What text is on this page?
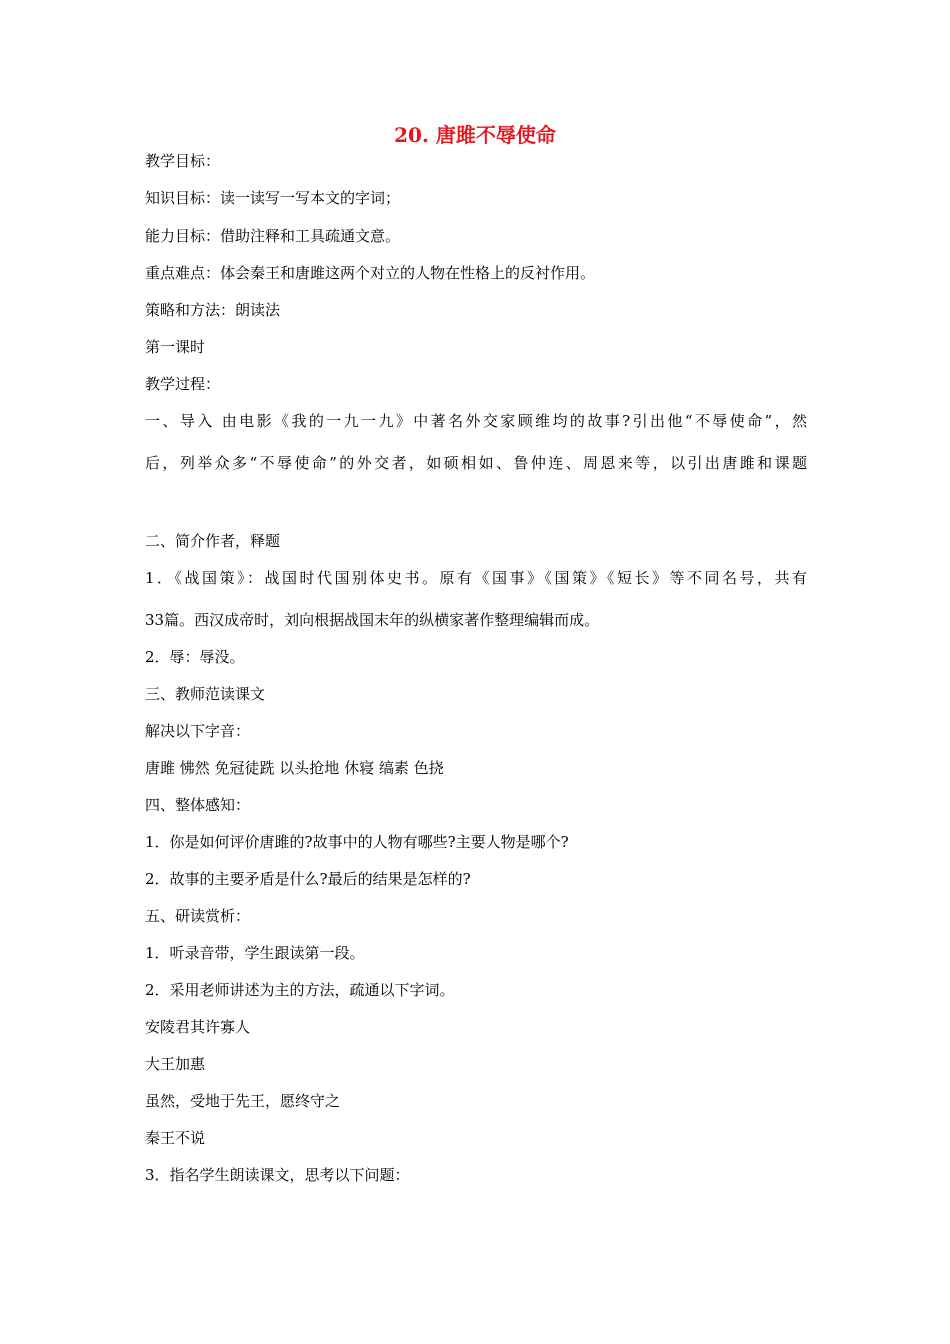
20. 唐雎不辱使命
教学目标：
知识目标：读一读写一写本文的字词；
能力目标：借助注释和工具疏通文意。
重点难点：体会秦王和唐雎这两个对立的人物在性格上的反衬作用。
策略和方法：朗读法
第一课时
教学过程：
一、导入 由电影《我的一九一九》中著名外交家顾维均的故事?引出他“不辱使命”，然
后，列举众多“不辱使命”的外交者，如硕相如、鲁仲连、周恩来等，以引出唐雎和课题
二、简介作者，释题
1．《战国策》：战国时代国别体史书。原有《国事》《国策》《短长》等不同名号，共有
33篇。西汉成帝时，刘向根据战国末年的纵横家著作整理编辑而成。
2．辱：辱没。
三、教师范读课文
解决以下字音：
唐雎 怫然 免冠徒跣 以头抢地 休寝 缟素 色挠
四、整体感知：
1．你是如何评价唐雎的?故事中的人物有哪些?主要人物是哪个?
2．故事的主要矛盾是什么?最后的结果是怎样的?
五、研读赏析：
1．听录音带，学生跟读第一段。
2．采用老师讲述为主的方法，疏通以下字词。
安陵君其许寡人
大王加惠
虽然，受地于先王，愿终守之
秦王不说
3．指名学生朗读课文，思考以下问题：
